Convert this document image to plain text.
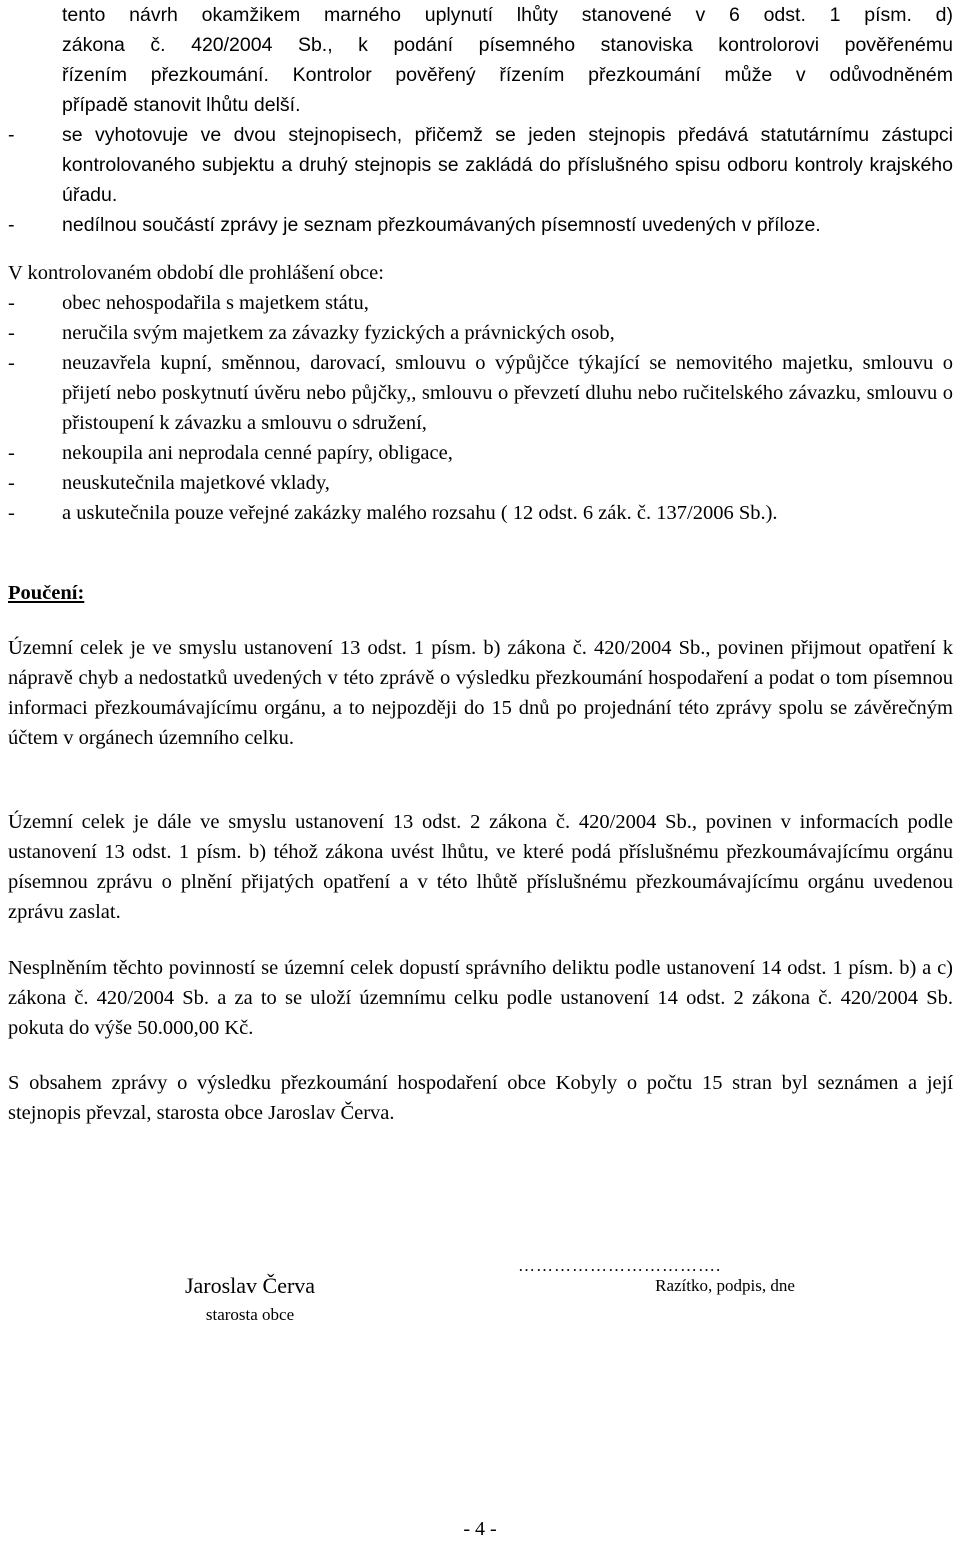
tento návrh okamžikem marného uplynutí lhůty stanovené v 6 odst. 1 písm. d)
zákona č. 420/2004 Sb., k podání písemného stanoviska kontrolorovi pověřenému
řízením přezkoumání. Kontrolor pověřený řízením přezkoumání může v odůvodněném
případě stanovit lhůtu delší.
-	se vyhotovuje ve dvou stejnopisech, přičemž se jeden stejnopis předává statutárnímu zástupci kontrolovaného subjektu a druhý stejnopis se zakládá do příslušného spisu odboru kontroly krajského úřadu.
-	nedílnou součástí zprávy je seznam přezkoumávaných písemností uvedených v příloze.

V kontrolovaném období dle prohlášení obce:

-	obec nehospodařila s majetkem státu,
-	neručila svým majetkem za závazky fyzických a právnických osob,
-	neuzavřela kupní, směnnou, darovací, smlouvu o výpůjčce týkající se nemovitého majetku, smlouvu o přijetí nebo poskytnutí úvěru nebo půjčky,, smlouvu o převzetí dluhu nebo ručitelského závazku, smlouvu o přistoupení k závazku a smlouvu o sdružení,
-	nekoupila ani neprodala cenné papíry, obligace,
-	neuskutečnila majetkové vklady,
-	a uskutečnila pouze veřejné zakázky malého rozsahu ( 12 odst. 6 zák. č. 137/2006 Sb.).
Poučení:

Územní celek je ve smyslu ustanovení 13 odst. 1 písm. b) zákona č. 420/2004 Sb., povinen přijmout opatření k nápravě chyb a nedostatků uvedených v této zprávě o výsledku přezkoumání hospodaření a podat o tom písemnou informaci přezkoumávajícímu orgánu, a to nejpozději do 15 dnů po projednání této zprávy spolu se závěrečným účtem v orgánech územního celku.

Územní celek je dále ve smyslu ustanovení 13 odst. 2 zákona č. 420/2004 Sb., povinen v informacích podle ustanovení 13 odst. 1 písm. b) téhož zákona uvést lhůtu, ve které podá příslušnému přezkoumávajícímu orgánu písemnou zprávu o plnění přijatých opatření a v této lhůtě příslušnému přezkoumávajícímu orgánu uvedenou zprávu zaslat.

Nesplněním těchto povinností se územní celek dopustí správního deliktu podle ustanovení 14 odst. 1 písm. b) a c) zákona č. 420/2004 Sb. a za to se uloží územnímu celku podle ustanovení 14 odst. 2 zákona č. 420/2004 Sb. pokuta do výše 50.000,00 Kč.

S obsahem zprávy o výsledku přezkoumání hospodaření obce Kobyly o počtu 15 stran byl seznámen a její stejnopis převzal, starosta obce Jaroslav Červa.

Jaroslav Červa
starosta obce
…………………………….
Razítko, podpis, dne
- 4 -
